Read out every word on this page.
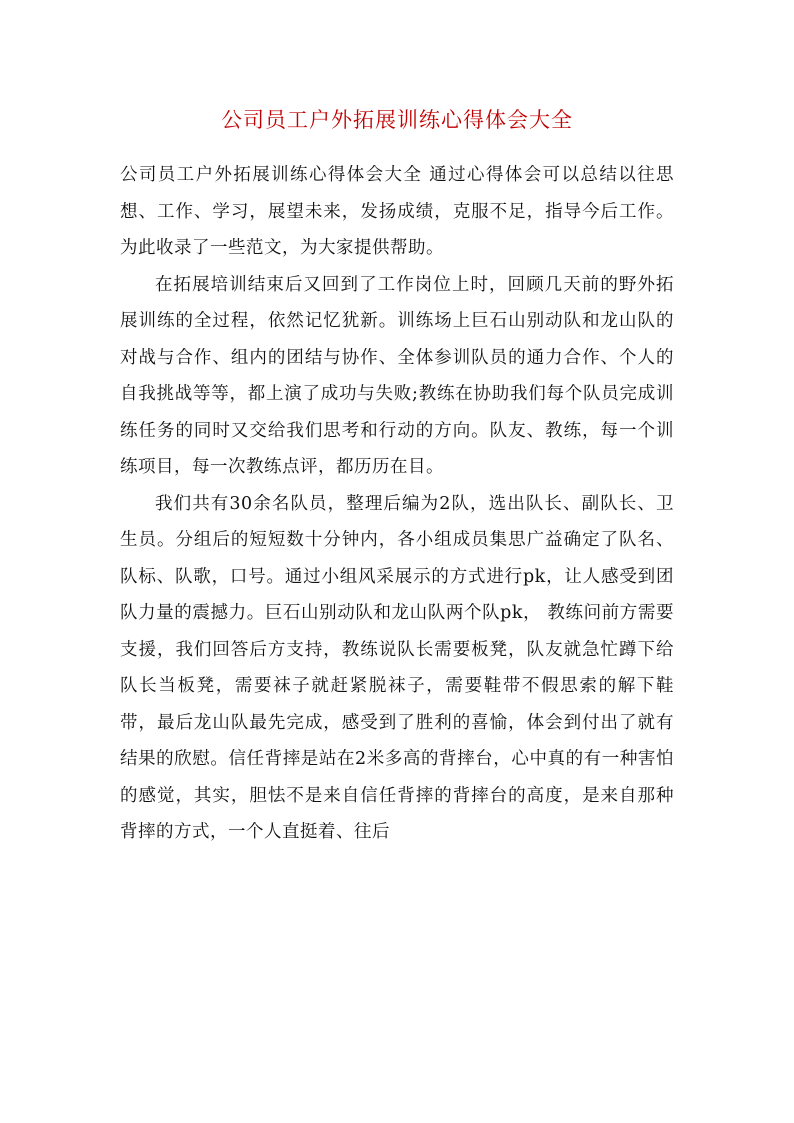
公司员工户外拓展训练心得体会大全

公司员工户外拓展训练心得体会大全 通过心得体会可以总结以往思想、工作、学习，展望未来，发扬成绩，克服不足，指导今后工作。为此收录了一些范文，为大家提供帮助。

在拓展培训结束后又回到了工作岗位上时，回顾几天前的野外拓展训练的全过程，依然记忆犹新。训练场上巨石山别动队和龙山队的对战与合作、组内的团结与协作、全体参训队员的通力合作、个人的自我挑战等等，都上演了成功与失败;教练在协助我们每个队员完成训练任务的同时又交给我们思考和行动的方向。队友、教练，每一个训练项目，每一次教练点评，都历历在目。

我们共有30余名队员，整理后编为2队，选出队长、副队长、卫生员。分组后的短短数十分钟内，各小组成员集思广益确定了队名、队标、队歌，口号。通过小组风采展示的方式进行pk，让人感受到团队力量的震撼力。巨石山别动队和龙山队两个队pk， 教练问前方需要支援，我们回答后方支持，教练说队长需要板凳，队友就急忙蹲下给队长当板凳，需要袜子就赶紧脱袜子，需要鞋带不假思索的解下鞋带，最后龙山队最先完成，感受到了胜利的喜愉，体会到付出了就有结果的欣慰。信任背摔是站在2米多高的背摔台，心中真的有一种害怕的感觉，其实，胆怯不是来自信任背摔的背摔台的高度，是来自那种背摔的方式，一个人直挺着、往后
